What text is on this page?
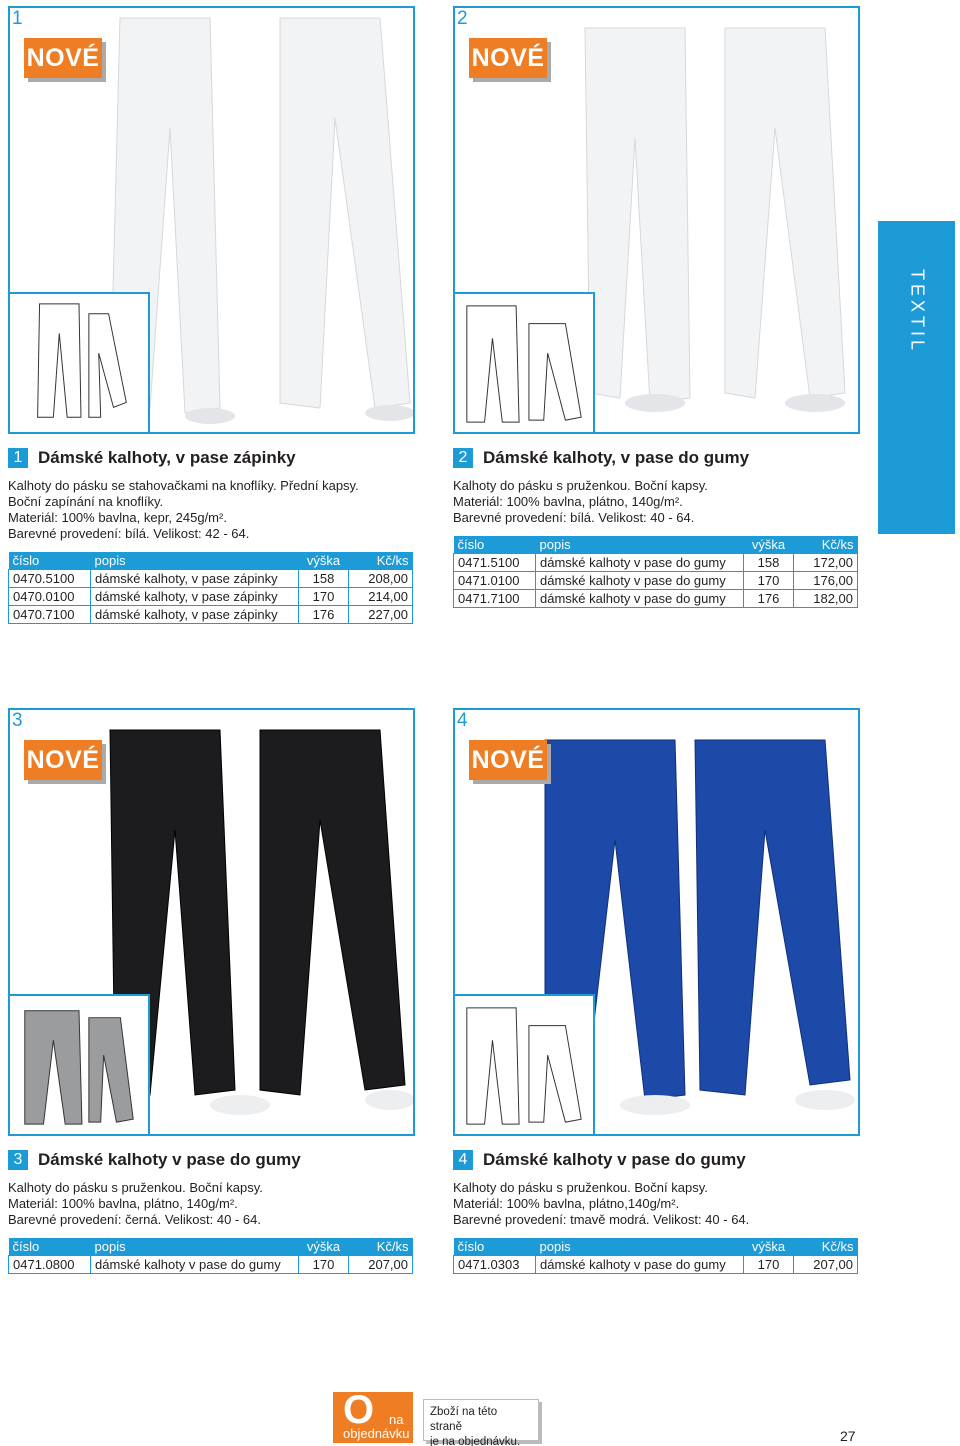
1
NOVÉ
1 Dámské kalhoty, v pase zápinky
Kalhoty do pásku se stahovačkami na knoflíky. Přední kapsy.
Boční zapínání na knoflíky.
Materiál: 100% bavlna, kepr, 245g/m².
Barevné provedení: bílá. Velikost: 42 - 64.
číslo	popis	výška	Kč/ks
0470.5100	dámské kalhoty, v pase zápinky	158	208,00
0470.0100	dámské kalhoty, v pase zápinky	170	214,00
0470.7100	dámské kalhoty, v pase zápinky	176	227,00
2
NOVÉ
2 Dámské kalhoty, v pase do gumy
Kalhoty do pásku s pruženkou. Boční kapsy.
Materiál: 100% bavlna, plátno, 140g/m².
Barevné provedení: bílá. Velikost: 40 - 64.
číslo	popis	výška	Kč/ks
0471.5100	dámské kalhoty v pase do gumy	158	172,00
0471.0100	dámské kalhoty v pase do gumy	170	176,00
0471.7100	dámské kalhoty v pase do gumy	176	182,00
3
NOVÉ
3 Dámské kalhoty v pase do gumy
Kalhoty do pásku s pruženkou. Boční kapsy.
Materiál: 100% bavlna, plátno, 140g/m².
Barevné provedení: černá. Velikost: 40 - 64.
číslo	popis	výška	Kč/ks
0471.0800	dámské kalhoty v pase do gumy	170	207,00
4
NOVÉ
4 Dámské kalhoty v pase do gumy
Kalhoty do pásku s pruženkou. Boční kapsy.
Materiál: 100% bavlna, plátno,140g/m².
Barevné provedení: tmavě modrá. Velikost: 40 - 64.
číslo	popis	výška	Kč/ks
0471.0303	dámské kalhoty v pase do gumy	170	207,00
TEXTIL
O na
objednávku
Zboží na této straně
je na objednávku.	27
